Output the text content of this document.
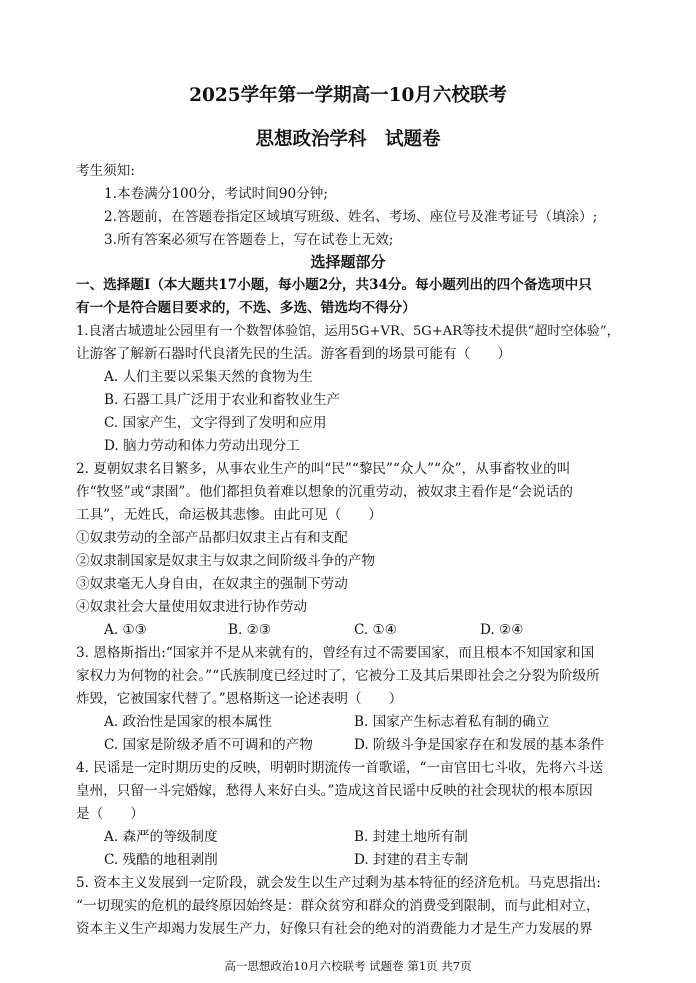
2025学年第一学期高一10月六校联考
思想政治学科　试题卷
考生须知:
1.本卷满分100分，考试时间90分钟;
2.答题前，在答题卷指定区域填写班级、姓名、考场、座位号及准考证号（填涂）;
3.所有答案必须写在答题卷上，写在试卷上无效;
选择题部分
一、选择题Ⅰ（本大题共17小题，每小题2分，共34分。每小题列出的四个备选项中只
有一个是符合题目要求的，不选、多选、错选均不得分）
1.良渚古城遗址公园里有一个数智体验馆，运用5G+VR、5G+AR等技术提供“超时空体验”，
让游客了解新石器时代良渚先民的生活。游客看到的场景可能有（　　）
A. 人们主要以采集天然的食物为生
B. 石器工具广泛用于农业和畜牧业生产
C. 国家产生，文字得到了发明和应用
D. 脑力劳动和体力劳动出现分工
2. 夏朝奴隶名目繁多，从事农业生产的叫“民”“黎民”“众人”“众”，从事畜牧业的叫
作“牧竖”或“隶圉”。他们都担负着难以想象的沉重劳动，被奴隶主看作是“会说话的
工具”，无姓氏，命运极其悲惨。由此可见（　　）
①奴隶劳动的全部产品都归奴隶主占有和支配
②奴隶制国家是奴隶主与奴隶之间阶级斗争的产物
③奴隶毫无人身自由，在奴隶主的强制下劳动
④奴隶社会大量使用奴隶进行协作劳动
A. ①③	B. ②③	C. ①④	D. ②④
3. 恩格斯指出:“国家并不是从来就有的，曾经有过不需要国家，而且根本不知国家和国
家权力为何物的社会。”“氏族制度已经过时了，它被分工及其后果即社会之分裂为阶级所
炸毁，它被国家代替了。”恩格斯这一论述表明（　　）
A. 政治性是国家的根本属性	B. 国家产生标志着私有制的确立
C. 国家是阶级矛盾不可调和的产物	D. 阶级斗争是国家存在和发展的基本条件
4. 民谣是一定时期历史的反映，明朝时期流传一首歌谣，“一亩官田七斗收，先将六斗送
皇州，只留一斗完婚嫁，愁得人来好白头。”造成这首民谣中反映的社会现状的根本原因
是（　　）
A. 森严的等级制度	B. 封建土地所有制
C. 残酷的地租剥削	D. 封建的君主专制
5. 资本主义发展到一定阶段，就会发生以生产过剩为基本特征的经济危机。马克思指出:
“一切现实的危机的最终原因始终是：群众贫穷和群众的消费受到限制，而与此相对立，
资本主义生产却竭力发展生产力，好像只有社会的绝对的消费能力才是生产力发展的界
高一思想政治10月六校联考 试题卷 第1页 共7页
